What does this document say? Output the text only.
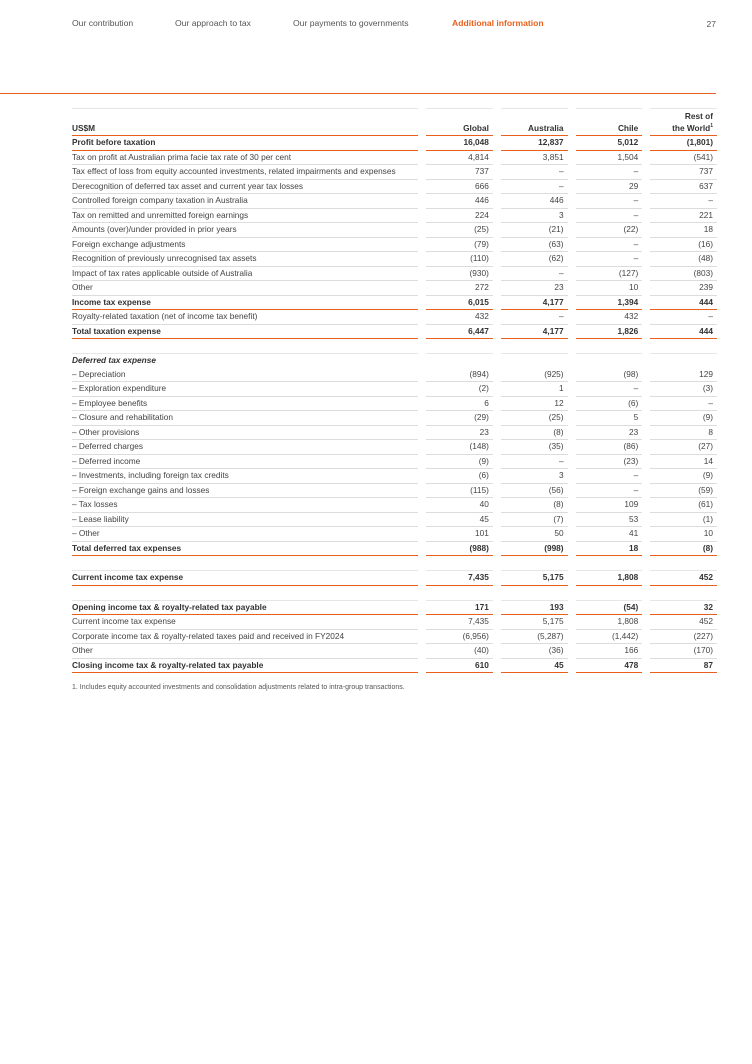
Our contribution	Our approach to tax	Our payments to governments	Additional information	27
US$M		Global		Australia		Chile		Rest of
the World$^1$
Profit before taxation		16,048		12,837		5,012		(1,801)
Tax on profit at Australian prima facie tax rate of 30 per cent		4,814		3,851		1,504		(541)
Tax effect of loss from equity accounted investments, related impairments and expenses		737		–		–		737
Derecognition of deferred tax asset and current year tax losses		666		–		29		637
Controlled foreign company taxation in Australia		446		446		–		–
Tax on remitted and unremitted foreign earnings		224		3		–		221
Amounts (over)/under provided in prior years		(25)		(21)		(22)		18
Foreign exchange adjustments		(79)		(63)		–		(16)
Recognition of previously unrecognised tax assets		(110)		(62)		–		(48)
Impact of tax rates applicable outside of Australia		(930)		–		(127)		(803)
Other		272		23		10		239
Income tax expense		6,015		4,177		1,394		444
Royalty-related taxation (net of income tax benefit)		432		–		432		–
Total taxation expense		6,447		4,177		1,826		444

Deferred tax expense								
– Depreciation		(894)		(925)		(98)		129
– Exploration expenditure		(2)		1		–		(3)
– Employee benefits		6		12		(6)		–
– Closure and rehabilitation		(29)		(25)		5		(9)
– Other provisions		23		(8)		23		8
– Deferred charges		(148)		(35)		(86)		(27)
– Deferred income		(9)		–		(23)		14
– Investments, including foreign tax credits		(6)		3		–		(9)
– Foreign exchange gains and losses		(115)		(56)		–		(59)
– Tax losses		40		(8)		109		(61)
– Lease liability		45		(7)		53		(1)
– Other		101		50		41		10
Total deferred tax expenses		(988)		(998)		18		(8)

Current income tax expense		7,435		5,175		1,808		452

Opening income tax & royalty-related tax payable		171		193		(54)		32
Current income tax expense		7,435		5,175		1,808		452
Corporate income tax & royalty-related taxes paid and received in FY2024		(6,956)		(5,287)		(1,442)		(227)
Other		(40)		(36)		166		(170)
Closing income tax & royalty-related tax payable		610		45		478		87
1. Includes equity accounted investments and consolidation adjustments related to intra-group transactions.
